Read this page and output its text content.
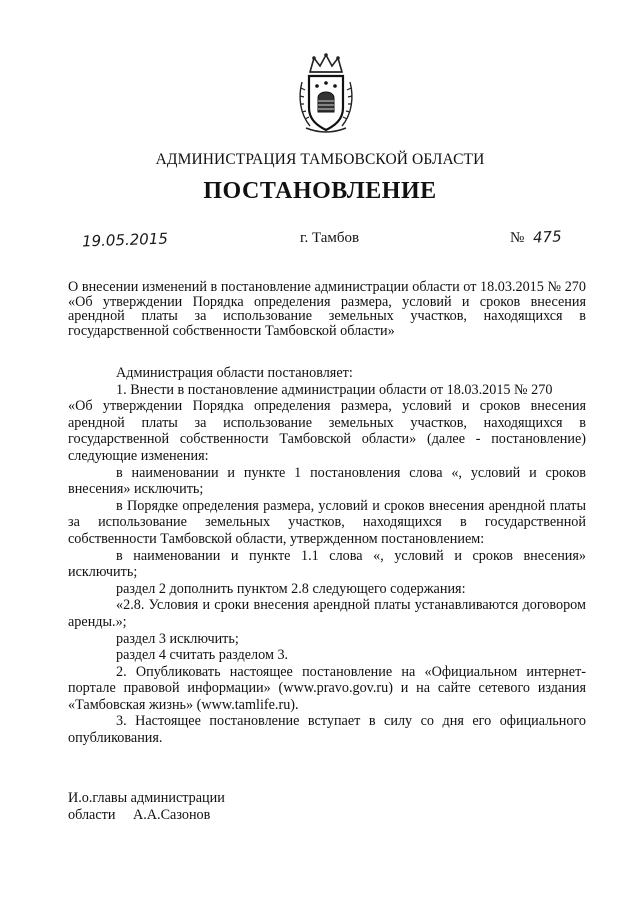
АДМИНИСТРАЦИЯ ТАМБОВСКОЙ ОБЛАСТИ
ПОСТАНОВЛЕНИЕ
19.05.2015	г. Тамбов	№ 475
О внесении изменений в постановление администрации области от 18.03.2015 № 270 «Об утверждении Порядка определения размера, условий и сроков внесения арендной платы за использование земельных участков, находящихся в государственной собственности Тамбовской области»

Администрация области постановляет:

1. Внести в постановление администрации области от 18.03.2015 № 270

«Об утверждении Порядка определения размера, условий и сроков внесения арендной платы за использование земельных участков, находящихся в государственной собственности Тамбовской области» (далее - постановление) следующие изменения:

в наименовании и пункте 1 постановления слова «, условий и сроков внесения» исключить;

в Порядке определения размера, условий и сроков внесения арендной платы за использование земельных участков, находящихся в государственной собственности Тамбовской области, утвержденном постановлением:

в наименовании и пункте 1.1 слова «, условий и сроков внесения» исключить;

раздел 2 дополнить пунктом 2.8 следующего содержания:

«2.8. Условия и сроки внесения арендной платы устанавливаются договором аренды.»;

раздел 3 исключить;

раздел 4 считать разделом 3.

2. Опубликовать настоящее постановление на «Официальном интернет-портале правовой информации» (www.pravo.gov.ru) и на сайте сетевого издания «Тамбовская жизнь» (www.tamlife.ru).

3. Настоящее постановление вступает в силу со дня его официального опубликования.

И.о.главы администрации
области А.А.Сазонов
